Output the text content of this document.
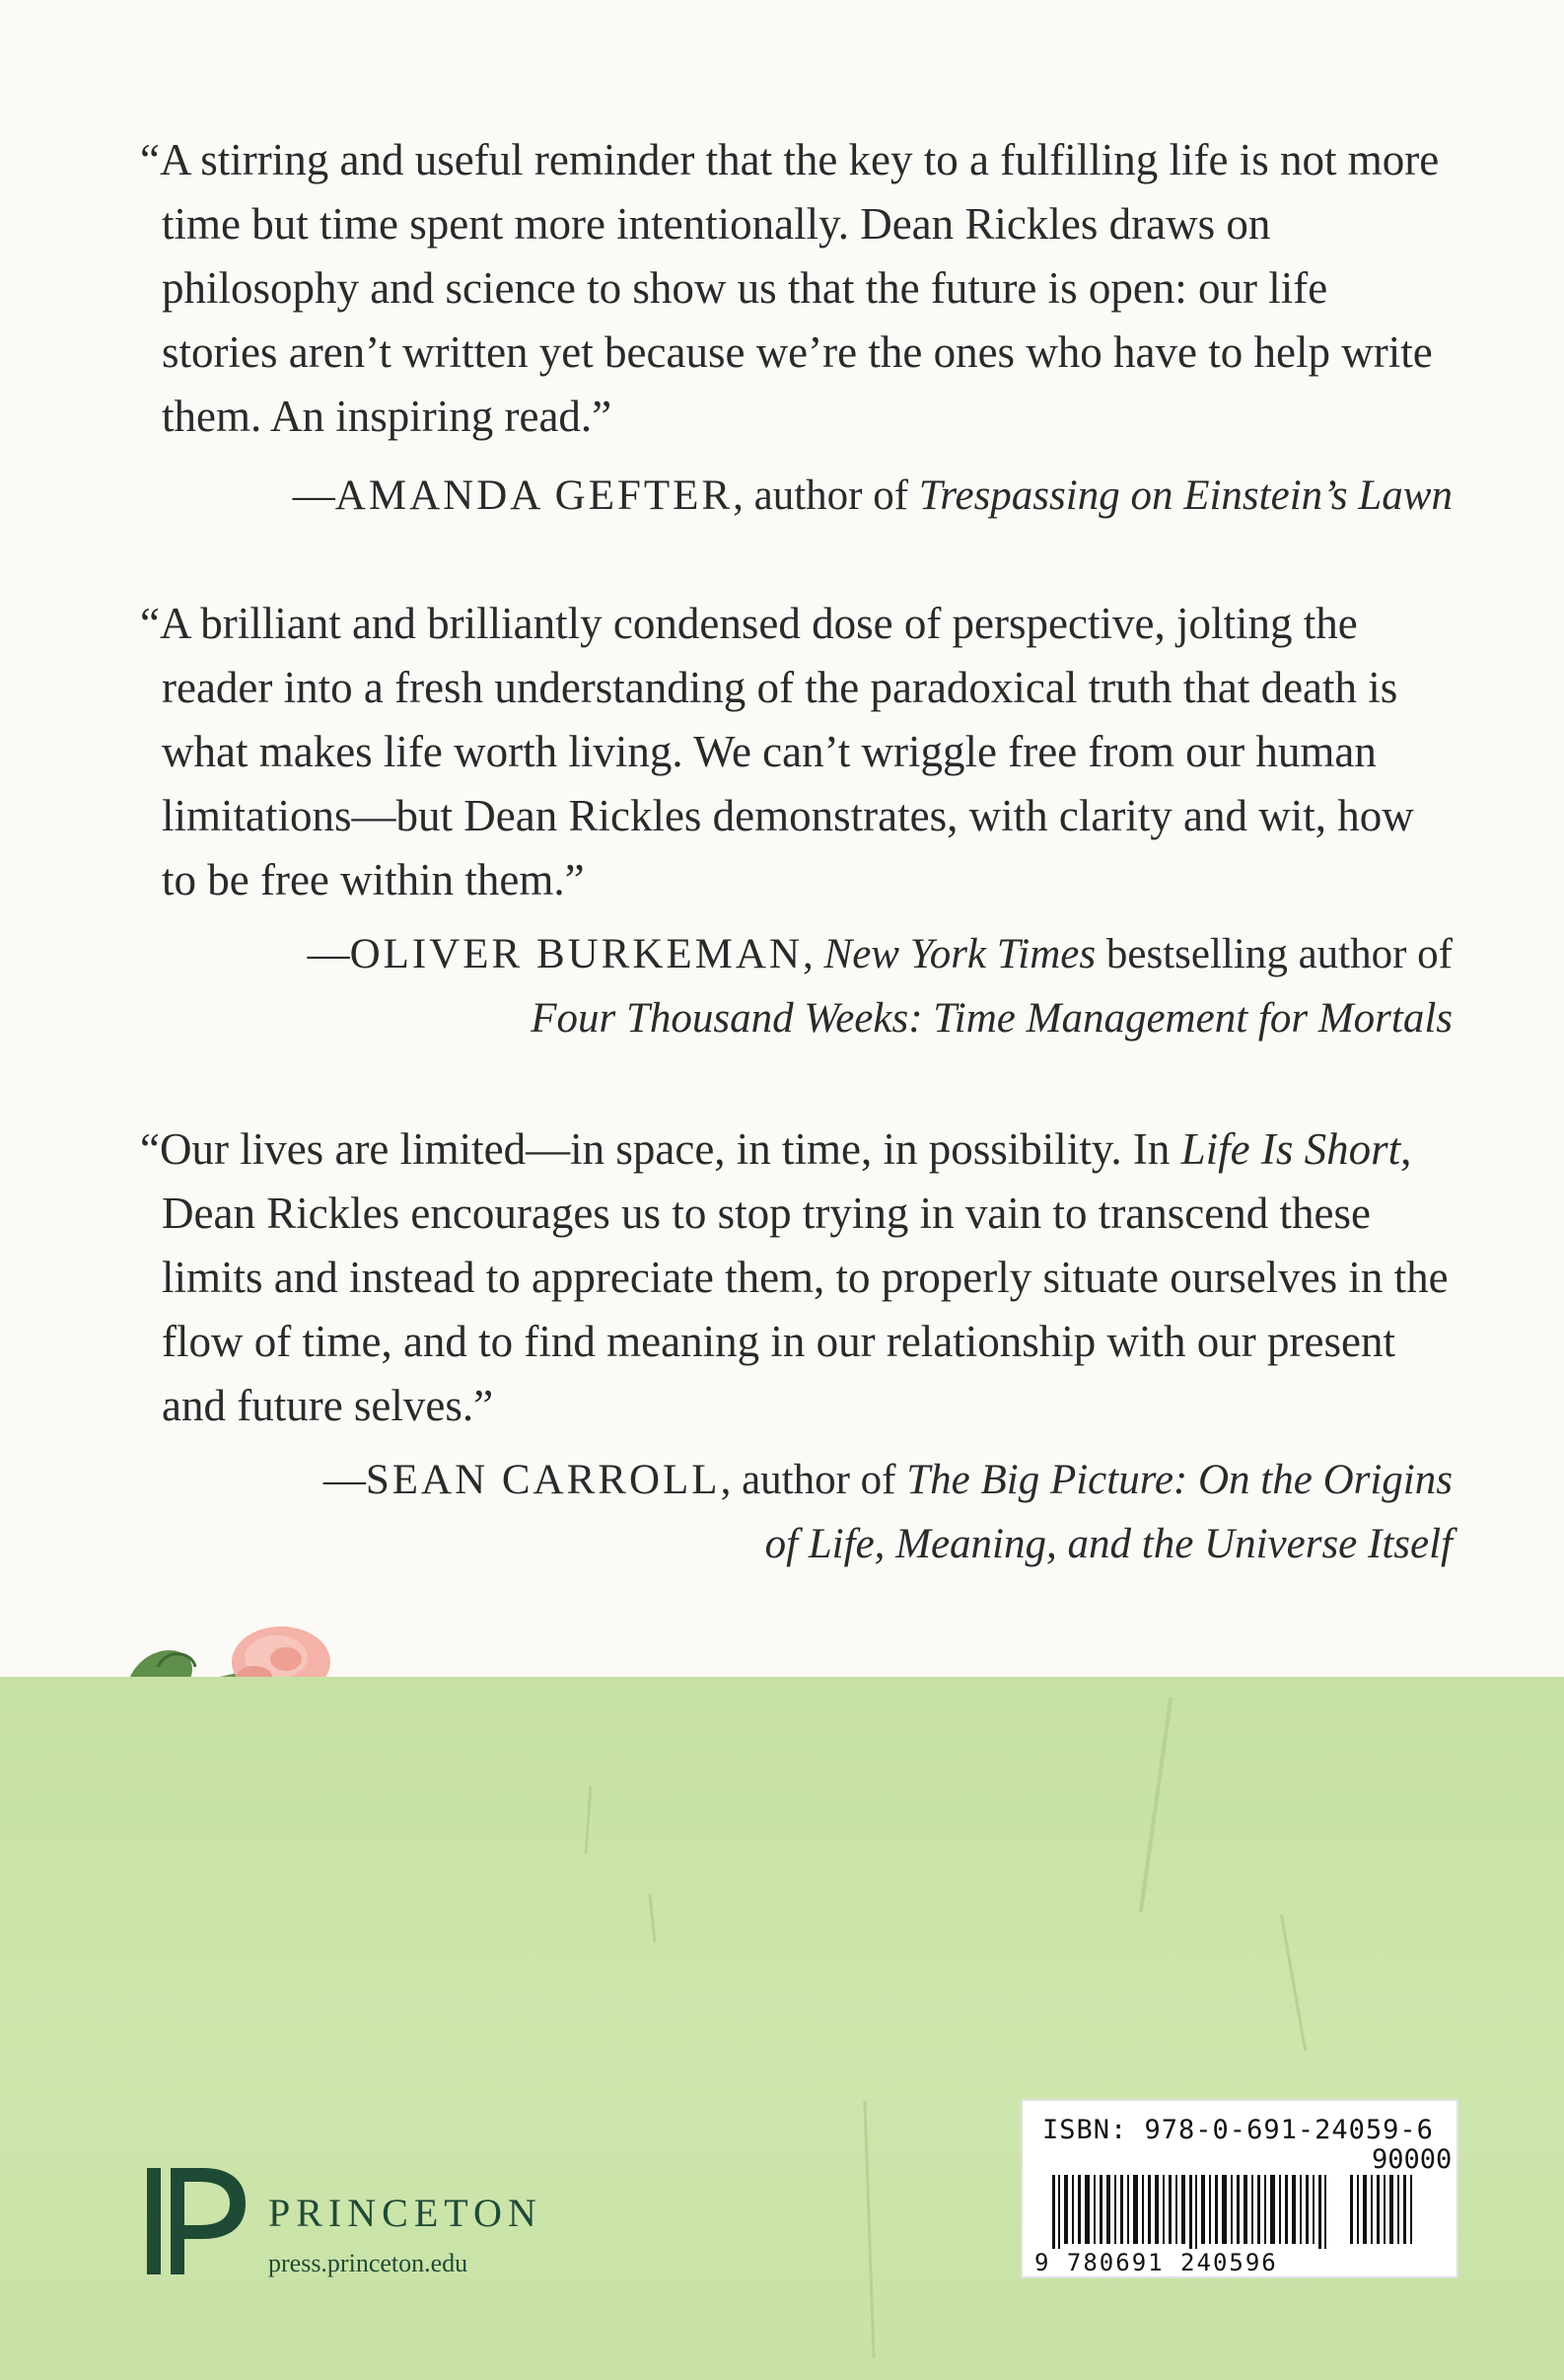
“A stirring and useful reminder that the key to a fulfilling life is not more time but time spent more intentionally. Dean Rickles draws on philosophy and science to show us that the future is open: our life stories aren’t written yet because we’re the ones who have to help write them. An inspiring read.”

—AMANDA GEFTER, author of Trespassing on Einstein’s Lawn

“A brilliant and brilliantly condensed dose of perspective, jolting the reader into a fresh understanding of the paradoxical truth that death is what makes life worth living. We can’t wriggle free from our human limitations—but Dean Rickles demonstrates, with clarity and wit, how to be free within them.”

—OLIVER BURKEMAN, New York Times bestselling author of
Four Thousand Weeks: Time Management for Mortals

“Our lives are limited—in space, in time, in possibility. In Life Is Short, Dean Rickles encourages us to stop trying in vain to transcend these limits and instead to appreciate them, to properly situate ourselves in the flow of time, and to find meaning in our relationship with our present and future selves.”

—SEAN CARROLL, author of The Big Picture: On the Origins
of Life, Meaning, and the Universe Itself
PRINCETON
press.princeton.edu
ISBN: 978-0-691-24059-6
90000
9 780691 240596
